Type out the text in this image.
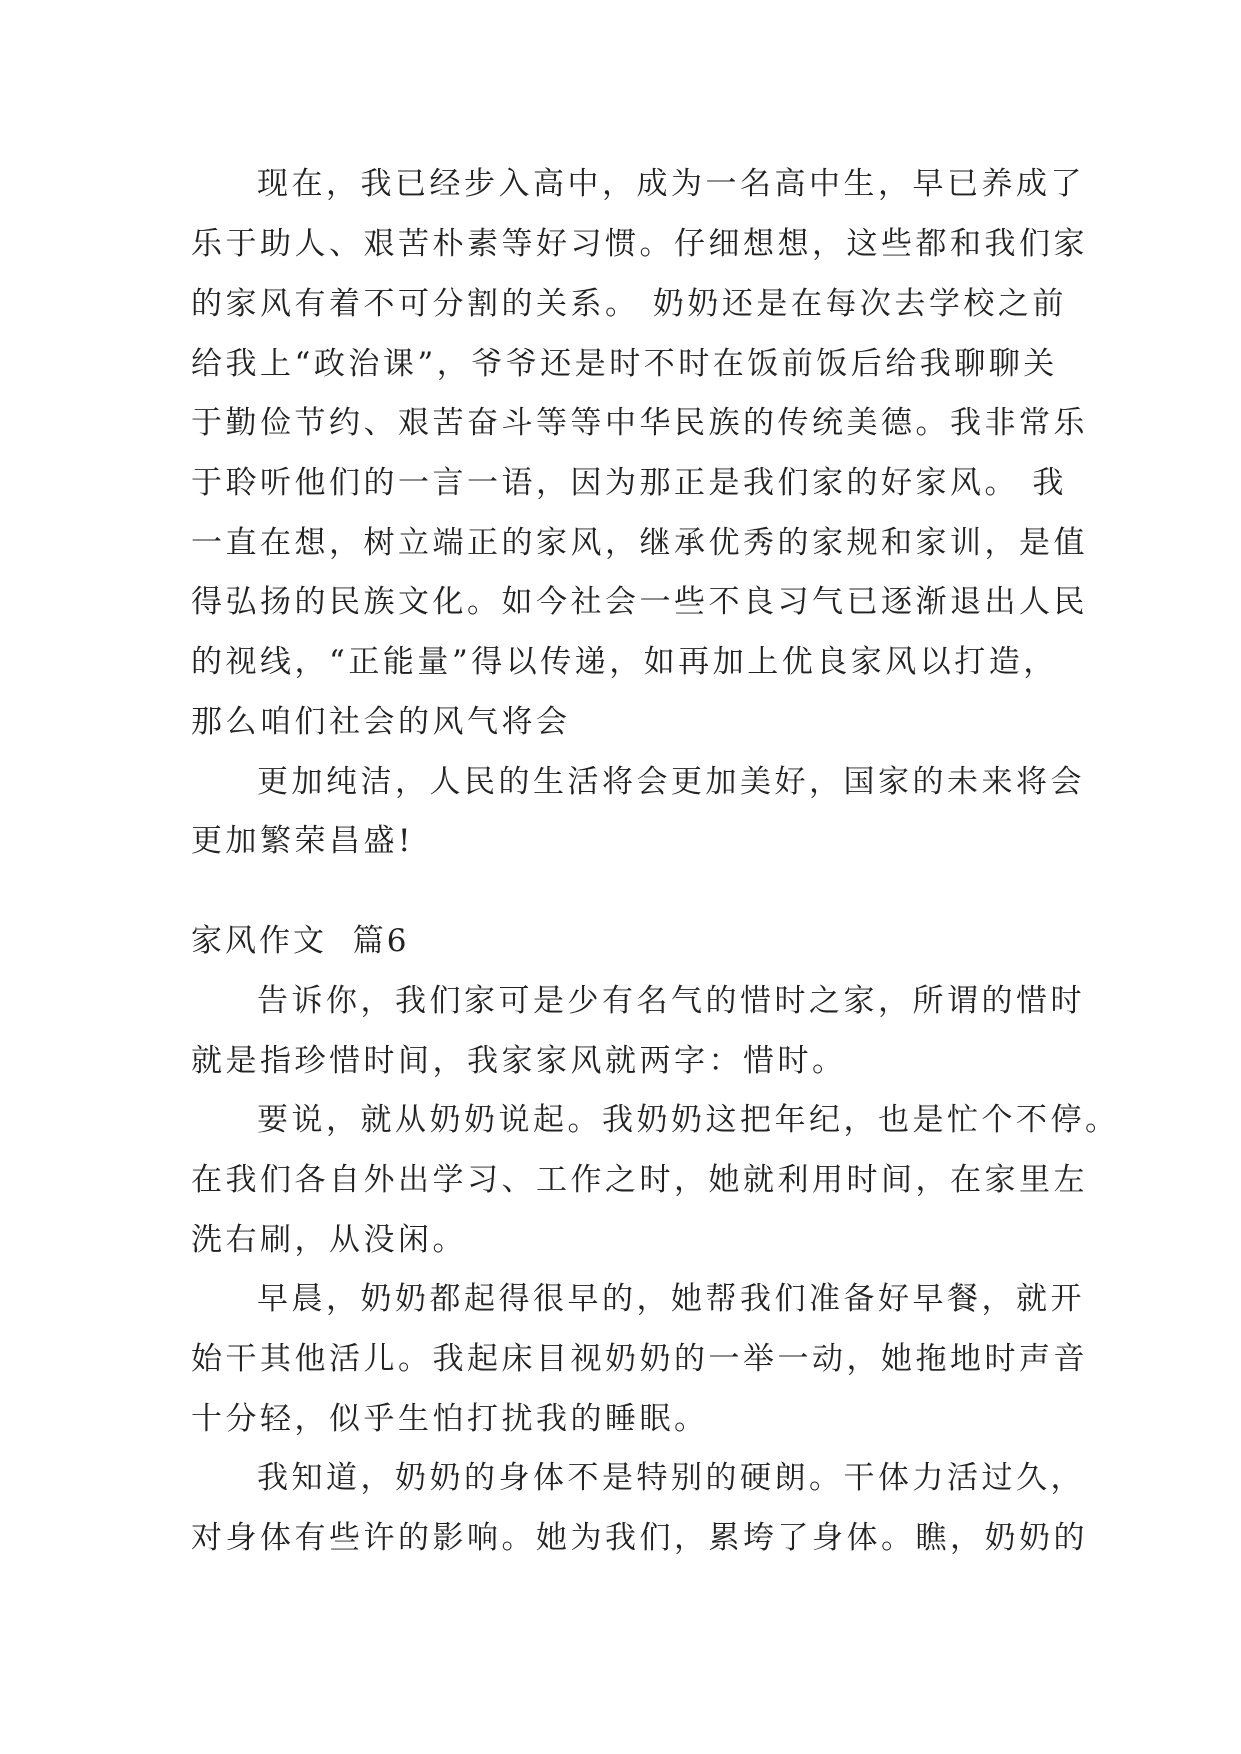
现在，我已经步入高中，成为一名高中生，早已养成了
乐于助人、艰苦朴素等好习惯。仔细想想，这些都和我们家
的家风有着不可分割的关系。 奶奶还是在每次去学校之前
给我上“政治课”，爷爷还是时不时在饭前饭后给我聊聊关
于勤俭节约、艰苦奋斗等等中华民族的传统美德。我非常乐
于聆听他们的一言一语，因为那正是我们家的好家风。 我
一直在想，树立端正的家风，继承优秀的家规和家训，是值
得弘扬的民族文化。如今社会一些不良习气已逐渐退出人民
的视线，“正能量”得以传递，如再加上优良家风以打造，
那么咱们社会的风气将会
更加纯洁，人民的生活将会更加美好，国家的未来将会
更加繁荣昌盛!
家风作文  篇6
告诉你，我们家可是少有名气的惜时之家，所谓的惜时
就是指珍惜时间，我家家风就两字：惜时。
要说，就从奶奶说起。我奶奶这把年纪，也是忙个不停。
在我们各自外出学习、工作之时，她就利用时间，在家里左
洗右刷，从没闲。
早晨，奶奶都起得很早的，她帮我们准备好早餐，就开
始干其他活儿。我起床目视奶奶的一举一动，她拖地时声音
十分轻，似乎生怕打扰我的睡眠。
我知道，奶奶的身体不是特别的硬朗。干体力活过久，
对身体有些许的影响。她为我们，累垮了身体。瞧，奶奶的
